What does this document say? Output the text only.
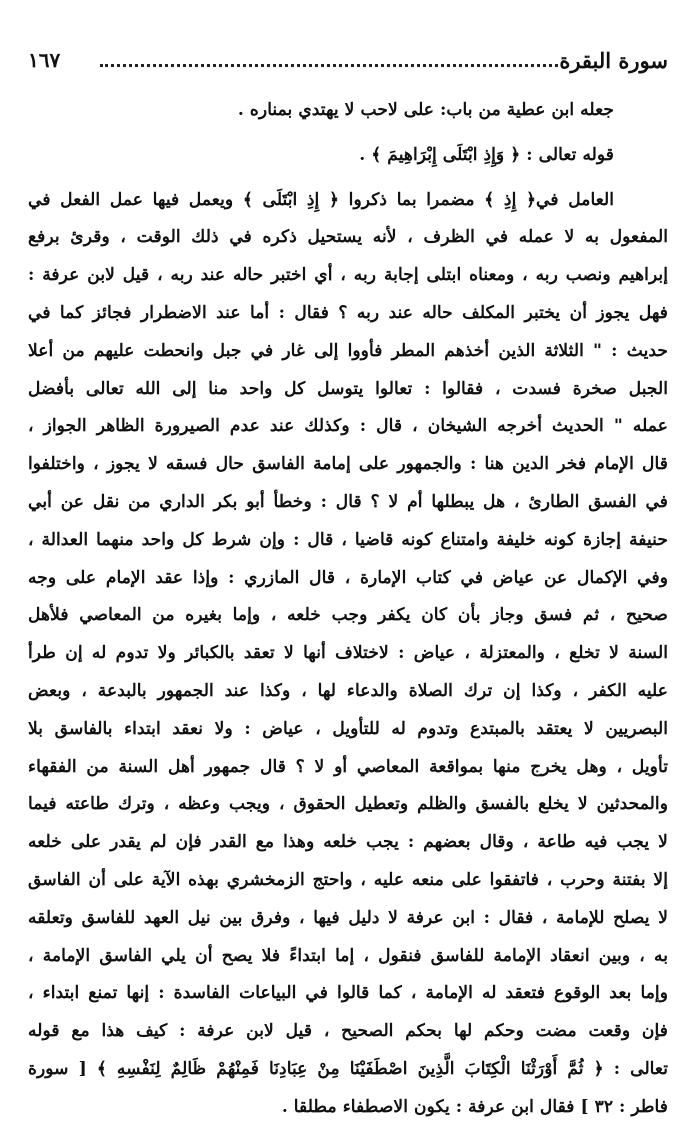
سورة البقرة
١٦٧
جعله ابن عطية من باب: على لاحب لا يهتدي بمناره .
قوله تعالى : ﴿ وَإِذِ ابْتَلَى إِبْرَاهِيمَ ﴾ .
العامل في﴿ إِذِ ﴾ مضمرا بما ذكروا ﴿ إِذِ ابْتَلَى ﴾ ويعمل فيها عمل الفعل في
المفعول به لا عمله في الظرف ، لأنه يستحيل ذكره في ذلك الوقت ، وقرئ برفع
إبراهيم ونصب ربه ، ومعناه ابتلى إجابة ربه ، أي اختبر حاله عند ربه ، قيل لابن عرفة :
فهل يجوز أن يختبر المكلف حاله عند ربه ؟ فقال : أما عند الاضطرار فجائز كما في
حديث : " الثلاثة الذين أخذهم المطر فأووا إلى غار في جبل وانحطت عليهم من أعلا
الجبل صخرة فسدت ، فقالوا : تعالوا يتوسل كل واحد منا إلى الله تعالى بأفضل
عمله " الحديث أخرجه الشيخان ، قال : وكذلك عند عدم الصيرورة الظاهر الجواز ،
قال الإمام فخر الدين هنا : والجمهور على إمامة الفاسق حال فسقه لا يجوز ، واختلفوا
في الفسق الطارئ ، هل يبطلها أم لا ؟ قال : وخطأ أبو بكر الداري من نقل عن أبي
حنيفة إجازة كونه خليفة وامتناع كونه قاضيا ، قال : وإن شرط كل واحد منهما العدالة ،
وفي الإكمال عن عياض في كتاب الإمارة ، قال المازري : وإذا عقد الإمام على وجه
صحيح ، ثم فسق وجاز بأن كان يكفر وجب خلعه ، وإما بغيره من المعاصي فلأهل
السنة لا تخلع ، والمعتزلة ، عياض : لاختلاف أنها لا تعقد بالكبائر ولا تدوم له إن طرأ
عليه الكفر ، وكذا إن ترك الصلاة والدعاء لها ، وكذا عند الجمهور بالبدعة ، وبعض
البصريين لا يعتقد بالمبتدع وتدوم له للتأويل ، عياض : ولا نعقد ابتداء بالفاسق بلا
تأويل ، وهل يخرج منها بمواقعة المعاصي أو لا ؟ قال جمهور أهل السنة من الفقهاء
والمحدثين لا يخلع بالفسق والظلم وتعطيل الحقوق ، ويجب وعظه ، وترك طاعته فيما
لا يجب فيه طاعة ، وقال بعضهم : يجب خلعه وهذا مع القدر فإن لم يقدر على خلعه
إلا بفتنة وحرب ، فاتفقوا على منعه عليه ، واحتج الزمخشري بهذه الآية على أن الفاسق
لا يصلح للإمامة ، فقال : ابن عرفة لا دليل فيها ، وفرق بين نيل العهد للفاسق وتعلقه
به ، وبين انعقاد الإمامة للفاسق فنقول ، إما ابتداءً فلا يصح أن يلي الفاسق الإمامة ،
وإما بعد الوقوع فتعقد له الإمامة ، كما قالوا في البياعات الفاسدة : إنها تمنع ابتداء ،
فإن وقعت مضت وحكم لها بحكم الصحيح ، قيل لابن عرفة : كيف هذا مع قوله
تعالى : ﴿ ثُمَّ أَوْرَثْنَا الْكِتَابَ الَّذِينَ اصْطَفَيْنَا مِنْ عِبَادِنَا فَمِنْهُمْ ظَالِمٌ لِنَفْسِهِ ﴾ [ سورة
فاطر : ٣٢ ] فقال ابن عرفة : يكون الاصطفاء مطلقا .
